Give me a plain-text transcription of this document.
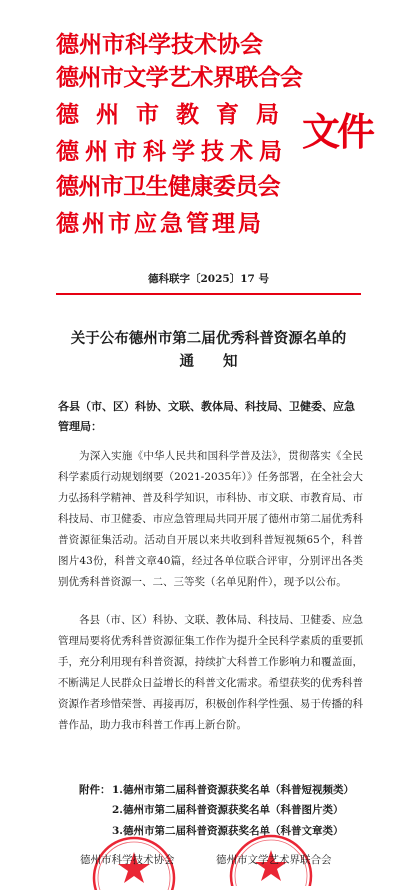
德州市科学技术协会
德州市文学艺术界联合会
德州市教育局
德州市科学技术局
德州市卫生健康委员会
德州市应急管理局
文件
德科联字〔2025〕17 号
关于公布德州市第二届优秀科普资源名单的
通　　知
各县（市、区）科协、文联、教体局、科技局、卫健委、应急管理局：
为深入实施《中华人民共和国科学普及法》，贯彻落实《全民科学素质行动规划纲要（2021-2035年）》任务部署，在全社会大力弘扬科学精神、普及科学知识，市科协、市文联、市教育局、市科技局、市卫健委、市应急管理局共同开展了德州市第二届优秀科普资源征集活动。活动自开展以来共收到科普短视频65个，科普图片43份，科普文章40篇，经过各单位联合评审，分别评出各类别优秀科普资源一、二、三等奖（名单见附件），现予以公布。
各县（市、区）科协、文联、教体局、科技局、卫健委、应急管理局要将优秀科普资源征集工作作为提升全民科学素质的重要抓手，充分利用现有科普资源，持续扩大科普工作影响力和覆盖面，不断满足人民群众日益增长的科普文化需求。希望获奖的优秀科普资源作者珍惜荣誉、再接再厉，积极创作科学性强、易于传播的科普作品，助力我市科普工作再上新台阶。
附件： 1.德州市第二届科普资源获奖名单（科普短视频类）
2.德州市第二届科普资源获奖名单（科普图片类）
3.德州市第二届科普资源获奖名单（科普文章类）
德州市科学技术协会	德州市文学艺术界联合会
